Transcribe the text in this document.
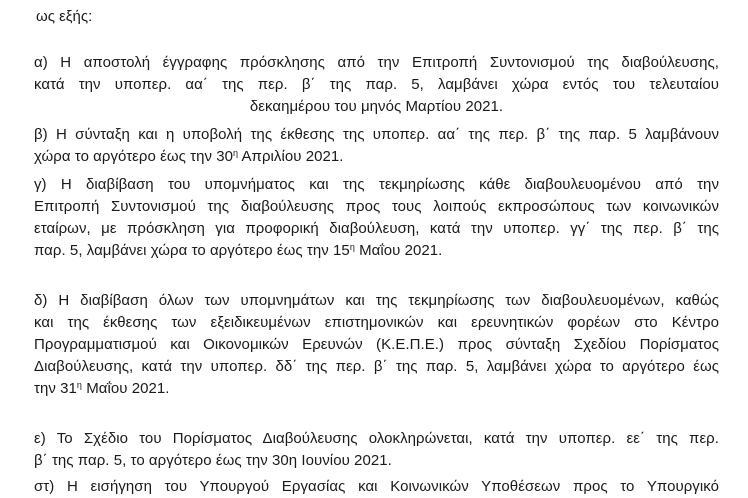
ως εξής:

α) Η αποστολή έγγραφης πρόσκλησης από την Επιτροπή Συντονισμού της διαβούλευσης,
κατά την υποπερ. αα΄ της περ. β΄ της παρ. 5, λαμβάνει χώρα εντός του τελευταίου
δεκαημέρου του μηνός Μαρτίου 2021.
β) Η σύνταξη και η υποβολή της έκθεσης της υποπερ. αα΄ της περ. β΄ της παρ. 5 λαμβάνουν
χώρα το αργότερο έως την $30^\eta$ Απριλίου 2021.
γ) Η διαβίβαση του υπομνήματος και της τεκμηρίωσης κάθε διαβουλευομένου από την
Επιτροπή Συντονισμού της διαβούλευσης προς τους λοιπούς εκπροσώπους των κοινωνικών
εταίρων, με πρόσκληση για προφορική διαβούλευση, κατά την υποπερ. γγ΄ της περ. β΄ της
παρ. 5, λαμβάνει χώρα το αργότερο έως την $15^\eta$ Μαΐου 2021.
δ) Η διαβίβαση όλων των υπομνημάτων και της τεκμηρίωσης των διαβουλευομένων, καθώς
και της έκθεσης των εξειδικευμένων επιστημονικών και ερευνητικών φορέων στο Κέντρο
Προγραμματισμού και Οικονομικών Ερευνών (Κ.Ε.Π.Ε.) προς σύνταξη Σχεδίου Πορίσματος
Διαβούλευσης, κατά την υποπερ. δδ΄ της περ. β΄ της παρ. 5, λαμβάνει χώρα το αργότερο έως
την $31^\eta$ Μαΐου 2021.
ε) Το Σχέδιο του Πορίσματος Διαβούλευσης ολοκληρώνεται, κατά την υποπερ. εε΄ της περ.
β΄ της παρ. 5, το αργότερο έως την 30η Ιουνίου 2021.
στ) Η εισήγηση του Υπουργού Εργασίας και Κοινωνικών Υποθέσεων προς το Υπουργικό
